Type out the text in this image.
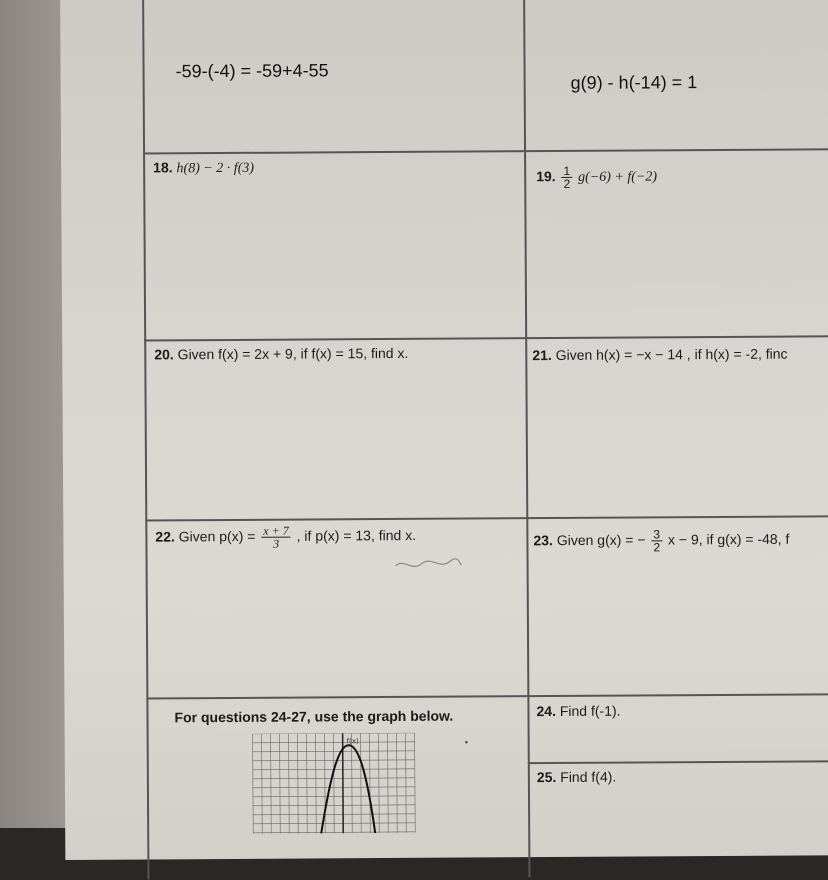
-59-(-4) = -59+4-55
g(9) - h(-14) = 1
18. h(8) − 2 · f(3)	19. $\frac{1}{2} g(-6) + f(-2)$
20. Given f(x) = 2x + 9, if f(x) = 15, find x.	21. Given h(x) = −x − 14 , if h(x) = -2, finc
22. Given $p(x) = \frac{x + 7}{3}$ , if p(x) = 13, find x.	23. Given g(x) = − $\frac{3}{2}$ x − 9, if g(x) = -48, f
For questions 24-27, use the graph below.	24. Find f(-1).
25. Find f(4).
f(x)	•
